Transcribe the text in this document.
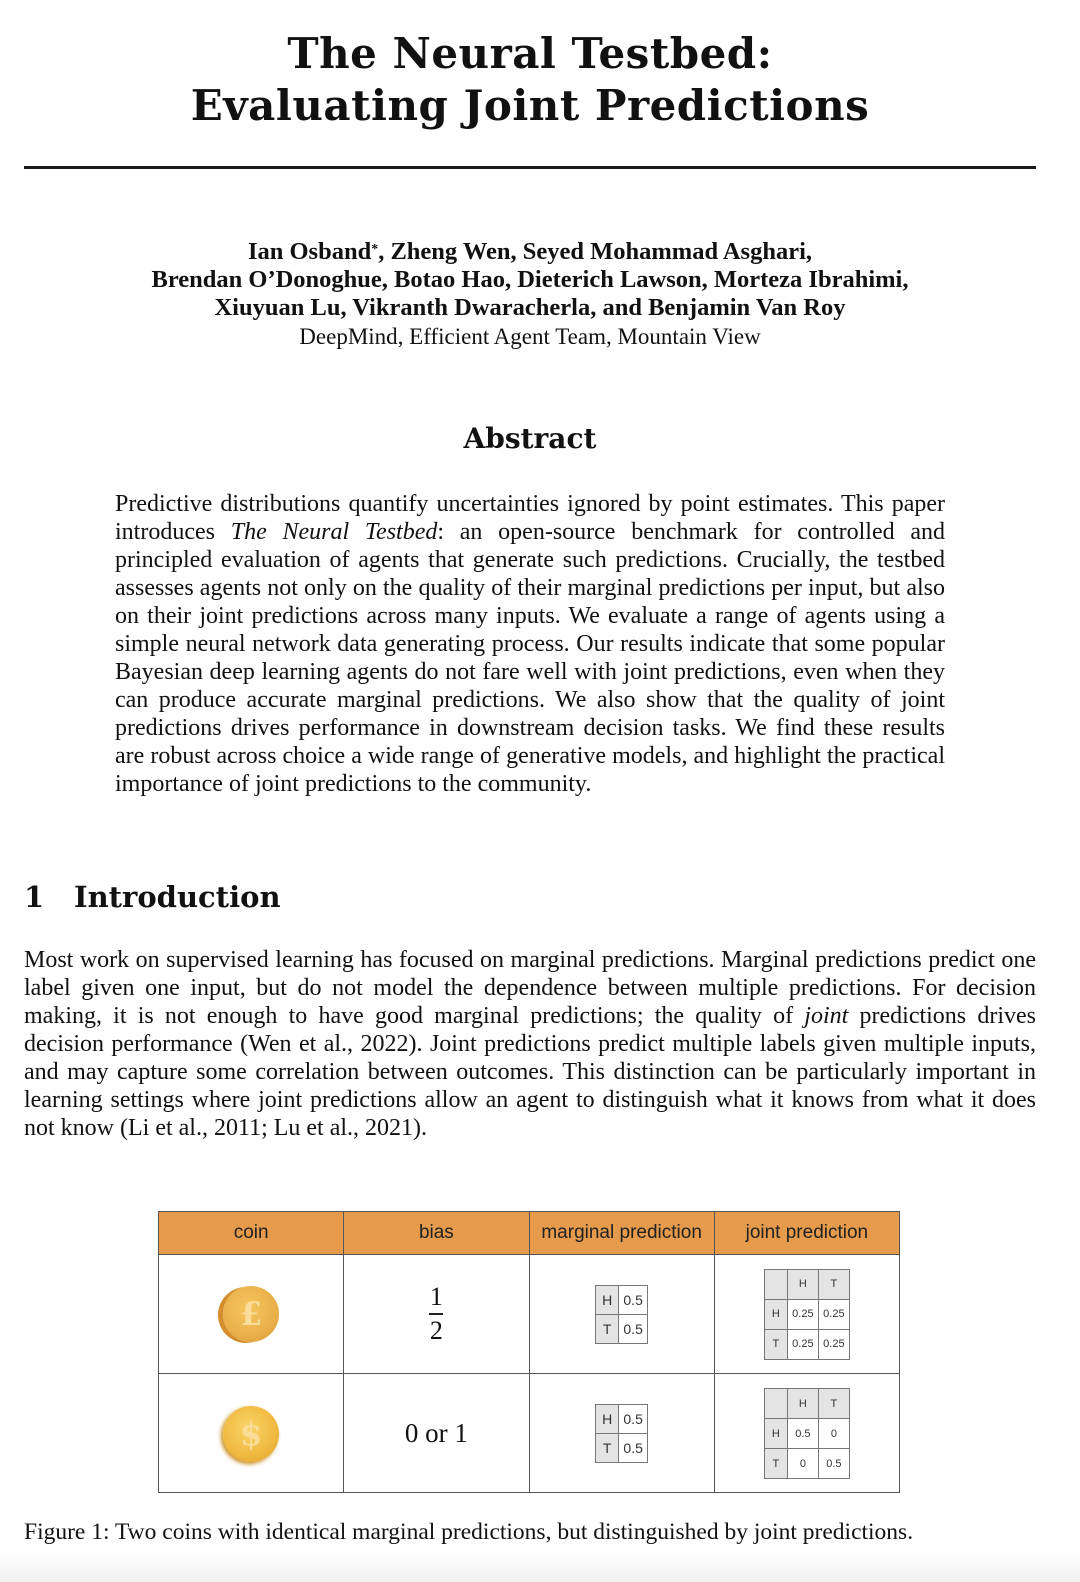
The Neural Testbed:
Evaluating Joint Predictions
Ian Osband*, Zheng Wen, Seyed Mohammad Asghari,
Brendan O’Donoghue, Botao Hao, Dieterich Lawson, Morteza Ibrahimi,
Xiuyuan Lu, Vikranth Dwaracherla, and Benjamin Van Roy
DeepMind, Efficient Agent Team, Mountain View
Abstract
Predictive distributions quantify uncertainties ignored by point estimates. This paper introduces The Neural Testbed: an open-source benchmark for controlled and principled evaluation of agents that generate such predictions. Crucially, the testbed assesses agents not only on the quality of their marginal predictions per input, but also on their joint predictions across many inputs. We evaluate a range of agents using a simple neural network data generating process. Our results indicate that some popular Bayesian deep learning agents do not fare well with joint predictions, even when they can produce accurate marginal predictions. We also show that the quality of joint predictions drives performance in downstream decision tasks. We find these results are robust across choice a wide range of generative models, and highlight the practical importance of joint predictions to the community.
1 Introduction
Most work on supervised learning has focused on marginal predictions. Marginal predictions predict one label given one input, but do not model the dependence between multiple predictions. For decision making, it is not enough to have good marginal predictions; the quality of joint predictions drives decision performance (Wen et al., 2022). Joint predictions predict multiple labels given multiple inputs, and may capture some correlation between outcomes. This distinction can be particularly important in learning settings where joint predictions allow an agent to distinguish what it knows from what it does not know (Li et al., 2011; Lu et al., 2021).
coin	bias	marginal prediction	joint prediction
£	$\frac{1}{2}$	H	0.5
T	0.5
	H	T
H	0.25	0.25
T	0.25	0.25
$	0 or 1	H	0.5
T	0.5
	H	T
H	0.5	0
T	0	0.5
Figure 1: Two coins with identical marginal predictions, but distinguished by joint predictions.
